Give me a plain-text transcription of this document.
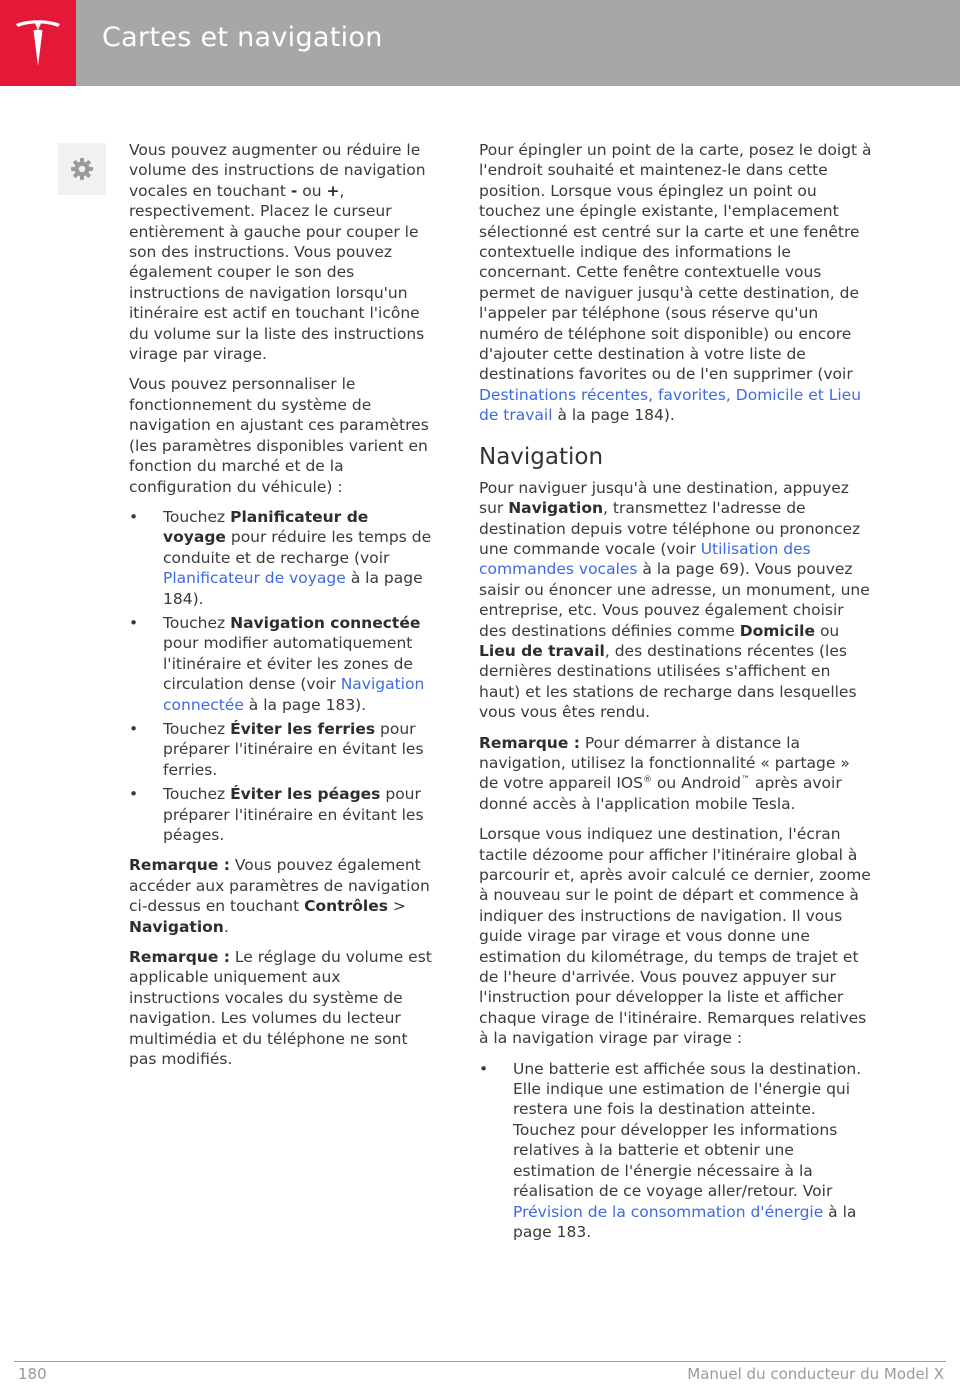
Cartes et navigation

Vous pouvez augmenter ou réduire le volume des instructions de navigation vocales en touchant - ou +, respectivement. Placez le curseur entièrement à gauche pour couper le son des instructions. Vous pouvez également couper le son des instructions de navigation lorsqu'un itinéraire est actif en touchant l'icône du volume sur la liste des instructions virage par virage.

Vous pouvez personnaliser le fonctionnement du système de navigation en ajustant ces paramètres (les paramètres disponibles varient en fonction du marché et de la configuration du véhicule) :

• Touchez Planificateur de voyage pour réduire les temps de conduite et de recharge (voir Planificateur de voyage à la page 184).
• Touchez Navigation connectée pour modifier automatiquement l'itinéraire et éviter les zones de circulation dense (voir Navigation connectée à la page 183).
• Touchez Éviter les ferries pour préparer l'itinéraire en évitant les ferries.
• Touchez Éviter les péages pour préparer l'itinéraire en évitant les péages.

Remarque : Vous pouvez également accéder aux paramètres de navigation ci-dessus en touchant Contrôles > Navigation.

Remarque : Le réglage du volume est applicable uniquement aux instructions vocales du système de navigation. Les volumes du lecteur multimédia et du téléphone ne sont pas modifiés.

Pour épingler un point de la carte, posez le doigt à l'endroit souhaité et maintenez-le dans cette position. Lorsque vous épinglez un point ou touchez une épingle existante, l'emplacement sélectionné est centré sur la carte et une fenêtre contextuelle indique des informations le concernant. Cette fenêtre contextuelle vous permet de naviguer jusqu'à cette destination, de l'appeler par téléphone (sous réserve qu'un numéro de téléphone soit disponible) ou encore d'ajouter cette destination à votre liste de destinations favorites ou de l'en supprimer (voir Destinations récentes, favorites, Domicile et Lieu de travail à la page 184).

Navigation

Pour naviguer jusqu'à une destination, appuyez sur Navigation, transmettez l'adresse de destination depuis votre téléphone ou prononcez une commande vocale (voir Utilisation des commandes vocales à la page 69). Vous pouvez saisir ou énoncer une adresse, un monument, une entreprise, etc. Vous pouvez également choisir des destinations définies comme Domicile ou Lieu de travail, des destinations récentes (les dernières destinations utilisées s'affichent en haut) et les stations de recharge dans lesquelles vous vous êtes rendu.

Remarque : Pour démarrer à distance la navigation, utilisez la fonctionnalité « partage » de votre appareil IOS® ou Android™ après avoir donné accès à l'application mobile Tesla.

Lorsque vous indiquez une destination, l'écran tactile dézoome pour afficher l'itinéraire global à parcourir et, après avoir calculé ce dernier, zoome à nouveau sur le point de départ et commence à indiquer des instructions de navigation. Il vous guide virage par virage et vous donne une estimation du kilométrage, du temps de trajet et de l'heure d'arrivée. Vous pouvez appuyer sur l'instruction pour développer la liste et afficher chaque virage de l'itinéraire. Remarques relatives à la navigation virage par virage :

• Une batterie est affichée sous la destination. Elle indique une estimation de l'énergie qui restera une fois la destination atteinte. Touchez pour développer les informations relatives à la batterie et obtenir une estimation de l'énergie nécessaire à la réalisation de ce voyage aller/retour. Voir Prévision de la consommation d'énergie à la page 183.
180	Manuel du conducteur du Model X
